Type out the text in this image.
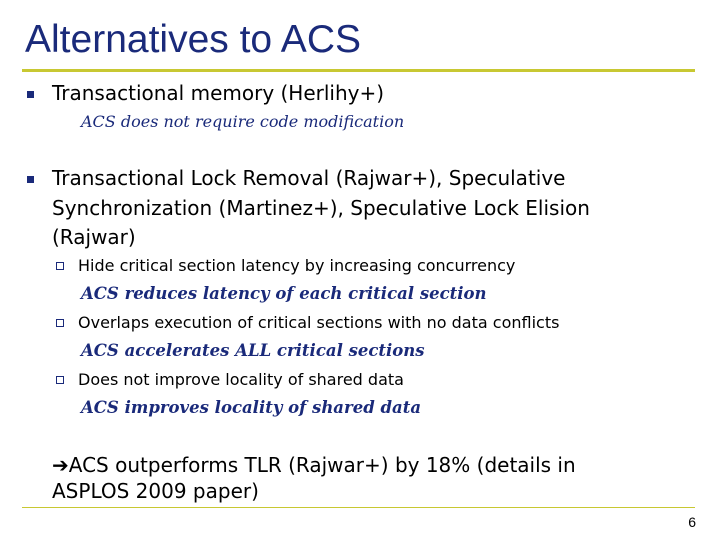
Alternatives to ACS
Transactional memory (Herlihy+)
ACS does not require code modification
Transactional Lock Removal (Rajwar+), Speculative
Synchronization (Martinez+), Speculative Lock Elision
(Rajwar)
Hide critical section latency by increasing concurrency
ACS reduces latency of each critical section
Overlaps execution of critical sections with no data conflicts
ACS accelerates ALL critical sections
Does not improve locality of shared data
ACS improves locality of shared data
➔ACS outperforms TLR (Rajwar+) by 18% (details in
ASPLOS 2009 paper)
6
